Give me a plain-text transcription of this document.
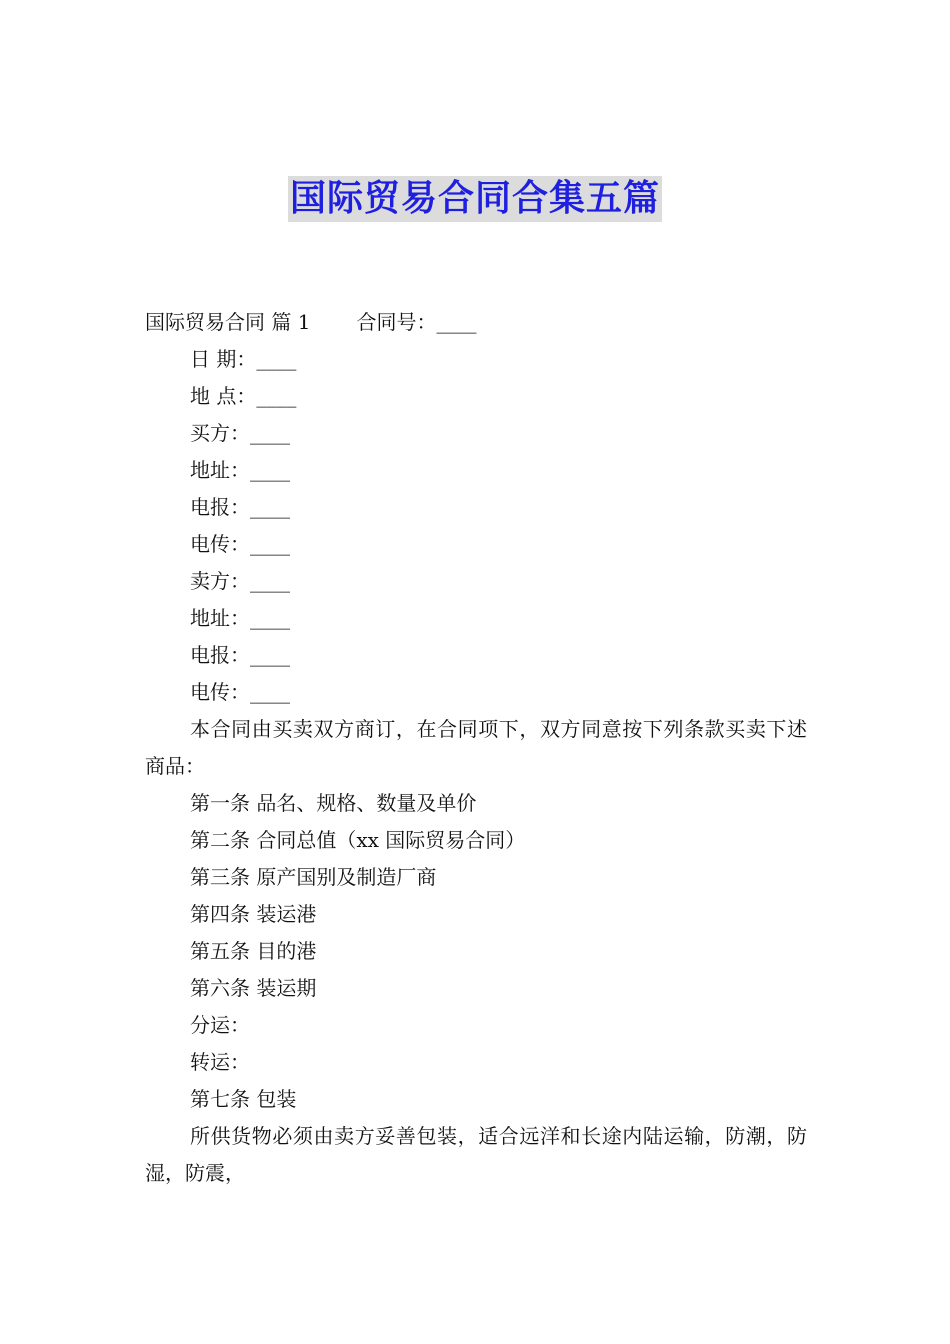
国际贸易合同合集五篇
国际贸易合同 篇 1 合同号：____
日 期：____
地 点：____
买方：____
地址：____
电报：____
电传：____
卖方：____
地址：____
电报：____
电传：____
本合同由买卖双方商订，在合同项下，双方同意按下列条款买卖下述商品：
第一条 品名、规格、数量及单价
第二条 合同总值（xx 国际贸易合同）
第三条 原产国别及制造厂商
第四条 装运港
第五条 目的港
第六条 装运期
分运：
转运：
第七条 包装
所供货物必须由卖方妥善包装，适合远洋和长途内陆运输，防潮，防湿，防震，
